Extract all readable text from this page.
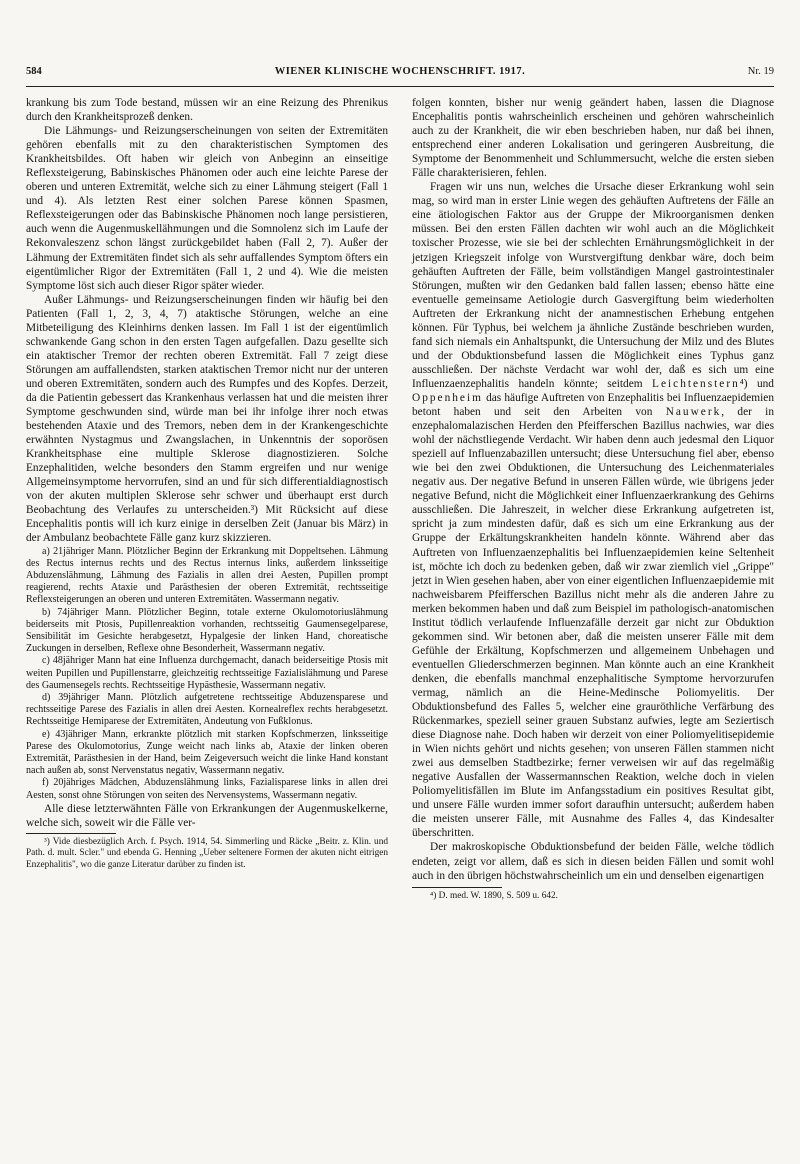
584	WIENER KLINISCHE WOCHENSCHRIFT. 1917.	Nr. 19

krankung bis zum Tode bestand, müssen wir an eine Reizung des Phrenikus durch den Krankheitsprozeß denken.

Die Lähmungs- und Reizungserscheinungen von seiten der Extremitäten gehören ebenfalls mit zu den charakteristischen Symptomen des Krankheitsbildes. Oft haben wir gleich von Anbeginn an einseitige Reflexsteigerung, Babinskisches Phänomen oder auch eine leichte Parese der oberen und unteren Extremität, welche sich zu einer Lähmung steigert (Fall 1 und 4). Als letzten Rest einer solchen Parese können Spasmen, Reflexsteigerungen oder das Babinskische Phänomen noch lange persistieren, auch wenn die Augenmuskellähmungen und die Somnolenz sich im Laufe der Rekonvaleszenz schon längst zurückgebildet haben (Fall 2, 7). Außer der Lähmung der Extremitäten findet sich als sehr auffallendes Symptom öfters ein eigentümlicher Rigor der Extremitäten (Fall 1, 2 und 4). Wie die meisten Symptome löst sich auch dieser Rigor später wieder.

Außer Lähmungs- und Reizungserscheinungen finden wir häufig bei den Patienten (Fall 1, 2, 3, 4, 7) ataktische Störungen, welche an eine Mitbeteiligung des Kleinhirns denken lassen. Im Fall 1 ist der eigentümlich schwankende Gang schon in den ersten Tagen aufgefallen. Dazu gesellte sich ein ataktischer Tremor der rechten oberen Extremität. Fall 7 zeigt diese Störungen am auffallendsten, starken ataktischen Tremor nicht nur der unteren und oberen Extremitäten, sondern auch des Rumpfes und des Kopfes. Derzeit, da die Patientin gebessert das Krankenhaus verlassen hat und die meisten ihrer Symptome geschwunden sind, würde man bei ihr infolge ihrer noch etwas bestehenden Ataxie und des Tremors, neben dem in der Krankengeschichte erwähnten Nystagmus und Zwangslachen, in Unkenntnis der soporösen Krankheitsphase eine multiple Sklerose diagnostizieren. Solche Enzephalitiden, welche besonders den Stamm ergreifen und nur wenige Allgemeinsymptome hervorrufen, sind an und für sich differentialdiagnostisch von der akuten multiplen Sklerose sehr schwer und überhaupt erst durch Beobachtung des Verlaufes zu unterscheiden.³) Mit Rücksicht auf diese Encephalitis pontis will ich kurz einige in derselben Zeit (Januar bis März) in der Ambulanz beobachtete Fälle ganz kurz skizzieren.

a) 21jähriger Mann. Plötzlicher Beginn der Erkrankung mit Doppeltsehen. Lähmung des Rectus internus rechts und des Rectus internus links, außerdem linksseitige Abduzenslähmung, Lähmung des Fazialis in allen drei Aesten, Pupillen prompt reagierend, rechts Ataxie und Parästhesien der oberen Extremität, rechtsseitige Reflexsteigerungen an oberen und unteren Extremitäten. Wassermann negativ.

b) 74jähriger Mann. Plötzlicher Beginn, totale externe Okulomotoriuslähmung beiderseits mit Ptosis, Pupillenreaktion vorhanden, rechtsseitig Gaumensegelparese, Sensibilität im Gesichte herabgesetzt, Hypalgesie der linken Hand, choreatische Zuckungen in derselben, Reflexe ohne Besonderheit, Wassermann negativ.

c) 48jähriger Mann hat eine Influenza durchgemacht, danach beiderseitige Ptosis mit weiten Pupillen und Pupillenstarre, gleichzeitig rechtsseitige Fazialislähmung und Parese des Gaumensegels rechts. Rechtsseitige Hypästhesie, Wassermann negativ.

d) 39jähriger Mann. Plötzlich aufgetretene rechtsseitige Abduzensparese und rechtsseitige Parese des Fazialis in allen drei Aesten. Kornealreflex rechts herabgesetzt. Rechtsseitige Hemiparese der Extremitäten, Andeutung von Fußklonus.

e) 43jähriger Mann, erkrankte plötzlich mit starken Kopfschmerzen, linksseitige Parese des Okulomotorius, Zunge weicht nach links ab, Ataxie der linken oberen Extremität, Parästhesien in der Hand, beim Zeigeversuch weicht die linke Hand konstant nach außen ab, sonst Nervenstatus negativ, Wassermann negativ.

f) 20jähriges Mädchen, Abduzenslähmung links, Fazialisparese links in allen drei Aesten, sonst ohne Störungen von seiten des Nervensystems, Wassermann negativ.

Alle diese letzterwähnten Fälle von Erkrankungen der Augenmuskelkerne, welche sich, soweit wir die Fälle ver-

³) Vide diesbezüglich Arch. f. Psych. 1914, 54. Simmerling und Räcke „Beitr. z. Klin. und Path. d. mult. Scler." und ebenda G. Henning „Ueber seltenere Formen der akuten nicht eitrigen Enzephalitis", wo die ganze Literatur darüber zu finden ist.

folgen konnten, bisher nur wenig geändert haben, lassen die Diagnose Encephalitis pontis wahrscheinlich erscheinen und gehören wahrscheinlich auch zu der Krankheit, die wir eben beschrieben haben, nur daß bei ihnen, entsprechend einer anderen Lokalisation und geringeren Ausbreitung, die Symptome der Benommenheit und Schlummersucht, welche die ersten sieben Fälle charakterisieren, fehlen.

Fragen wir uns nun, welches die Ursache dieser Erkrankung wohl sein mag, so wird man in erster Linie wegen des gehäuften Auftretens der Fälle an eine ätiologischen Faktor aus der Gruppe der Mikroorganismen denken müssen. Bei den ersten Fällen dachten wir wohl auch an die Möglichkeit toxischer Prozesse, wie sie bei der schlechten Ernährungsmöglichkeit in der jetzigen Kriegszeit infolge von Wurstvergiftung denkbar wäre, doch beim gehäuften Auftreten der Fälle, beim vollständigen Mangel gastrointestinaler Störungen, mußten wir den Gedanken bald fallen lassen; ebenso hätte eine eventuelle gemeinsame Aetiologie durch Gasvergiftung beim wiederholten Auftreten der Erkrankung nicht der anamnestischen Erhebung entgehen können. Für Typhus, bei welchem ja ähnliche Zustände beschrieben wurden, fand sich niemals ein Anhaltspunkt, die Untersuchung der Milz und des Blutes und der Obduktionsbefund lassen die Möglichkeit eines Typhus ganz ausschließen. Der nächste Verdacht war wohl der, daß es sich um eine Influenzaenzephalitis handeln könnte; seitdem Leichtenstern⁴) und Oppenheim das häufige Auftreten von Enzephalitis bei Influenzaepidemien betont haben und seit den Arbeiten von Nauwerk, der in enzephalomalazischen Herden den Pfeifferschen Bazillus nachwies, war dies wohl der nächstliegende Verdacht. Wir haben denn auch jedesmal den Liquor speziell auf Influenzabazillen untersucht; diese Untersuchung fiel aber, ebenso wie bei den zwei Obduktionen, die Untersuchung des Leichenmateriales negativ aus. Der negative Befund in unseren Fällen würde, wie übrigens jeder negative Befund, nicht die Möglichkeit einer Influenzaerkrankung des Gehirns ausschließen. Die Jahreszeit, in welcher diese Erkrankung aufgetreten ist, spricht ja zum mindesten dafür, daß es sich um eine Erkrankung aus der Gruppe der Erkältungskrankheiten handeln könnte. Während aber das Auftreten von Influenzaenzephalitis bei Influenzaepidemien keine Seltenheit ist, möchte ich doch zu bedenken geben, daß wir zwar ziemlich viel „Grippe" jetzt in Wien gesehen haben, aber von einer eigentlichen Influenzaepidemie mit nachweisbarem Pfeifferschen Bazillus nicht mehr als die anderen Jahre zu merken bekommen haben und daß zum Beispiel im pathologisch-anatomischen Institut tödlich verlaufende Influenzafälle derzeit gar nicht zur Obduktion gekommen sind. Wir betonen aber, daß die meisten unserer Fälle mit dem Gefühle der Erkältung, Kopfschmerzen und allgemeinem Unbehagen und eventuellen Gliederschmerzen beginnen. Man könnte auch an eine Krankheit denken, die ebenfalls manchmal enzephalitische Symptome hervorzurufen vermag, nämlich an die Heine-Medinsche Poliomyelitis. Der Obduktionsbefund des Falles 5, welcher eine grauröthliche Verfärbung des Rückenmarkes, speziell seiner grauen Substanz aufwies, legte am Seziertisch diese Diagnose nahe. Doch haben wir derzeit von einer Poliomyelitisepidemie in Wien nichts gehört und nichts gesehen; von unseren Fällen stammen nicht zwei aus demselben Stadtbezirke; ferner verweisen wir auf das regelmäßig negative Ausfallen der Wassermannschen Reaktion, welche doch in vielen Poliomyelitisfällen im Blute im Anfangsstadium ein positives Resultat gibt, und unsere Fälle wurden immer sofort daraufhin untersucht; außerdem haben die meisten unserer Fälle, mit Ausnahme des Falles 4, das Kindesalter überschritten.

Der makroskopische Obduktionsbefund der beiden Fälle, welche tödlich endeten, zeigt vor allem, daß es sich in diesen beiden Fällen und somit wohl auch in den übrigen höchstwahrscheinlich um ein und denselben eigenartigen

⁴) D. med. W. 1890, S. 509 u. 642.
